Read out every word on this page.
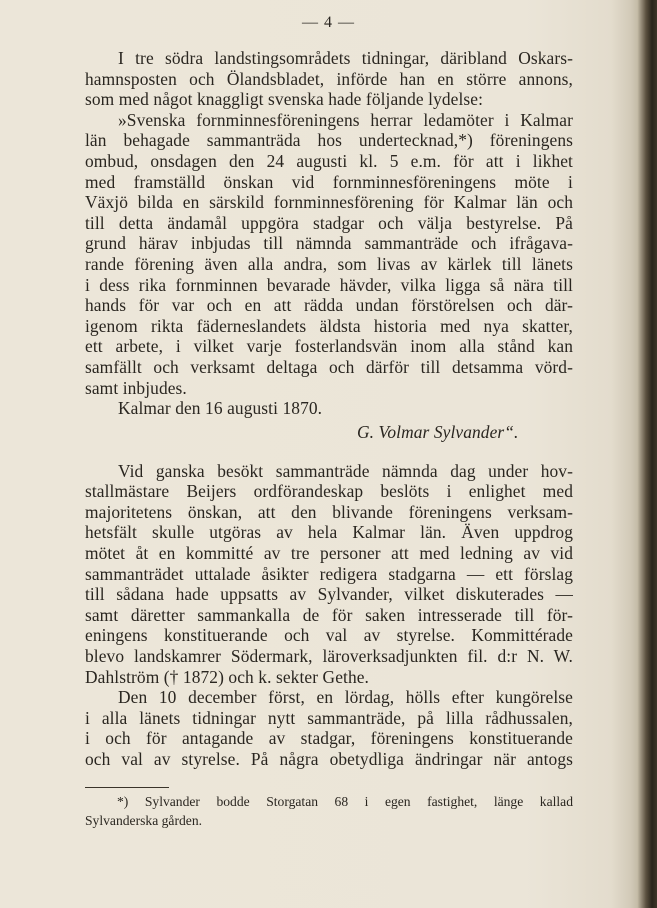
— 4 —
I tre södra landstingsområdets tidningar, däribland Oskars-
hamnsposten och Ölandsbladet, införde han en större annons,
som med något knaggligt svenska hade följande lydelse:
»Svenska fornminnesföreningens herrar ledamöter i Kalmar
län behagade sammanträda hos undertecknad,*) föreningens
ombud, onsdagen den 24 augusti kl. 5 e.m. för att i likhet
med framställd önskan vid fornminnesföreningens möte i
Växjö bilda en särskild fornminnesförening för Kalmar län och
till detta ändamål uppgöra stadgar och välja bestyrelse. På
grund härav inbjudas till nämnda sammanträde och ifrågava-
rande förening även alla andra, som livas av kärlek till länets
i dess rika fornminnen bevarade hävder, vilka ligga så nära till
hands för var och en att rädda undan förstörelsen och där-
igenom rikta fäderneslandets äldsta historia med nya skatter,
ett arbete, i vilket varje fosterlandsvän inom alla stånd kan
samfällt och verksamt deltaga och därför till detsamma vörd-
samt inbjudes.
Kalmar den 16 augusti 1870.
G. Volmar Sylvander“.
Vid ganska besökt sammanträde nämnda dag under hov-
stallmästare Beijers ordförandeskap beslöts i enlighet med
majoritetens önskan, att den blivande föreningens verksam-
hetsfält skulle utgöras av hela Kalmar län. Även uppdrog
mötet åt en kommitté av tre personer att med ledning av vid
sammanträdet uttalade åsikter redigera stadgarna — ett förslag
till sådana hade uppsatts av Sylvander, vilket diskuterades —
samt däretter sammankalla de för saken intresserade till för-
eningens konstituerande och val av styrelse. Kommittérade
blevo landskamrer Södermark, läroverksadjunkten fil. d:r N. W.
Dahlström († 1872) och k. sekter Gethe.
Den 10 december först, en lördag, hölls efter kungörelse
i alla länets tidningar nytt sammanträde, på lilla rådhussalen,
i och för antagande av stadgar, föreningens konstituerande
och val av styrelse. På några obetydliga ändringar när antogs
*) Sylvander bodde Storgatan 68 i egen fastighet, länge kallad
Sylvanderska gården.
